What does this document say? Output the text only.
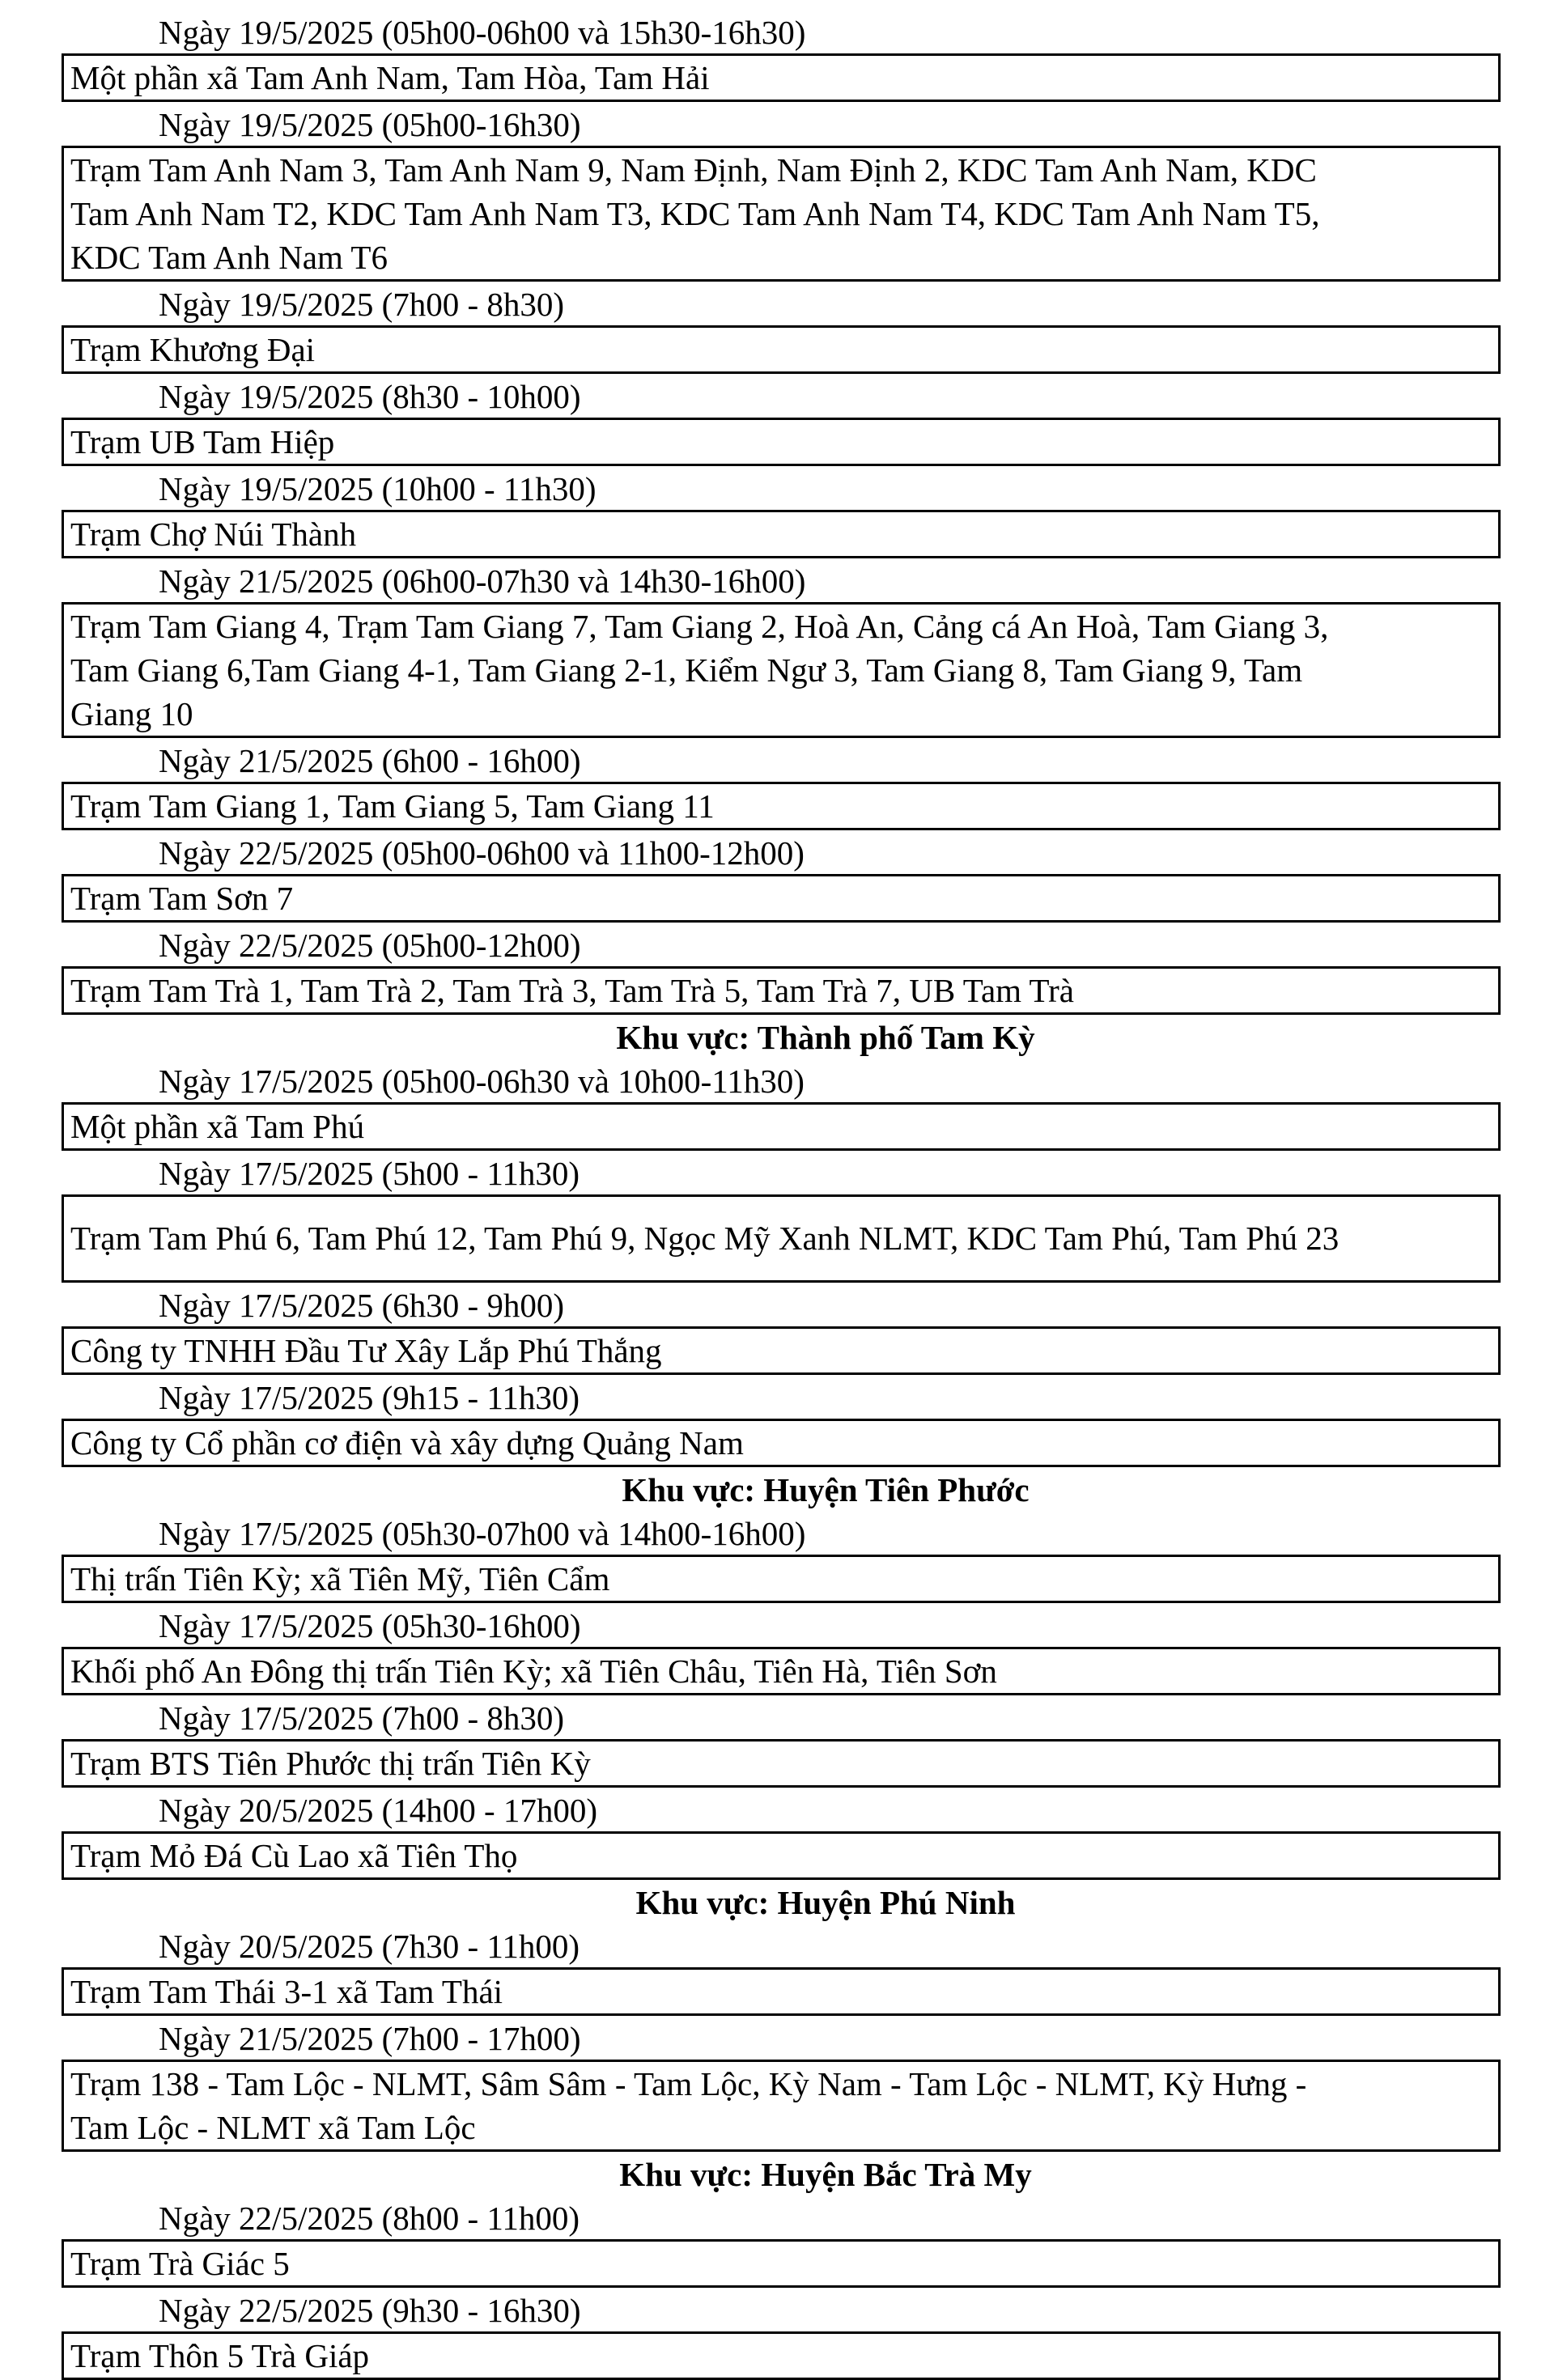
Ngày 19/5/2025 (05h00-06h00 và 15h30-16h30)
Một phần xã Tam Anh Nam, Tam Hòa, Tam Hải
Ngày 19/5/2025 (05h00-16h30)
Trạm Tam Anh Nam 3, Tam Anh Nam 9, Nam Định, Nam Định 2, KDC Tam Anh Nam, KDC
Tam Anh Nam T2, KDC Tam Anh Nam T3, KDC Tam Anh Nam T4, KDC Tam Anh Nam T5,
KDC Tam Anh Nam T6
Ngày 19/5/2025 (7h00 - 8h30)
Trạm Khương Đại
Ngày 19/5/2025 (8h30 - 10h00)
Trạm UB Tam Hiệp
Ngày 19/5/2025 (10h00 - 11h30)
Trạm Chợ Núi Thành
Ngày 21/5/2025 (06h00-07h30 và 14h30-16h00)
Trạm Tam Giang 4, Trạm Tam Giang 7, Tam Giang 2, Hoà An, Cảng cá An Hoà, Tam Giang 3,
Tam Giang 6,Tam Giang 4-1, Tam Giang 2-1, Kiểm Ngư 3, Tam Giang 8, Tam Giang 9, Tam
Giang 10
Ngày 21/5/2025 (6h00 - 16h00)
Trạm Tam Giang 1, Tam Giang 5, Tam Giang 11
Ngày 22/5/2025 (05h00-06h00 và 11h00-12h00)
Trạm Tam Sơn 7
Ngày 22/5/2025 (05h00-12h00)
Trạm Tam Trà 1, Tam Trà 2, Tam Trà 3, Tam Trà 5, Tam Trà 7, UB Tam Trà
Khu vực: Thành phố Tam Kỳ
Ngày 17/5/2025 (05h00-06h30 và 10h00-11h30)
Một phần xã Tam Phú
Ngày 17/5/2025 (5h00 - 11h30)
Trạm Tam Phú 6, Tam Phú 12, Tam Phú 9, Ngọc Mỹ Xanh NLMT, KDC Tam Phú, Tam Phú 23
Ngày 17/5/2025 (6h30 - 9h00)
Công ty TNHH Đầu Tư Xây Lắp Phú Thắng
Ngày 17/5/2025 (9h15 - 11h30)
Công ty Cổ phần cơ điện và xây dựng Quảng Nam
Khu vực: Huyện Tiên Phước
Ngày 17/5/2025 (05h30-07h00 và 14h00-16h00)
Thị trấn Tiên Kỳ; xã Tiên Mỹ, Tiên Cẩm
Ngày 17/5/2025 (05h30-16h00)
Khối phố An Đông thị trấn Tiên Kỳ; xã Tiên Châu, Tiên Hà, Tiên Sơn
Ngày 17/5/2025 (7h00 - 8h30)
Trạm BTS Tiên Phước thị trấn Tiên Kỳ
Ngày 20/5/2025 (14h00 - 17h00)
Trạm Mỏ Đá Cù Lao xã Tiên Thọ
Khu vực: Huyện Phú Ninh
Ngày 20/5/2025 (7h30 - 11h00)
Trạm Tam Thái 3-1 xã Tam Thái
Ngày 21/5/2025 (7h00 - 17h00)
Trạm 138 - Tam Lộc - NLMT, Sâm Sâm - Tam Lộc, Kỳ Nam - Tam Lộc - NLMT, Kỳ Hưng -
Tam Lộc - NLMT xã Tam Lộc
Khu vực: Huyện Bắc Trà My
Ngày 22/5/2025 (8h00 - 11h00)
Trạm Trà Giác 5
Ngày 22/5/2025 (9h30 - 16h30)
Trạm Thôn 5 Trà Giáp
